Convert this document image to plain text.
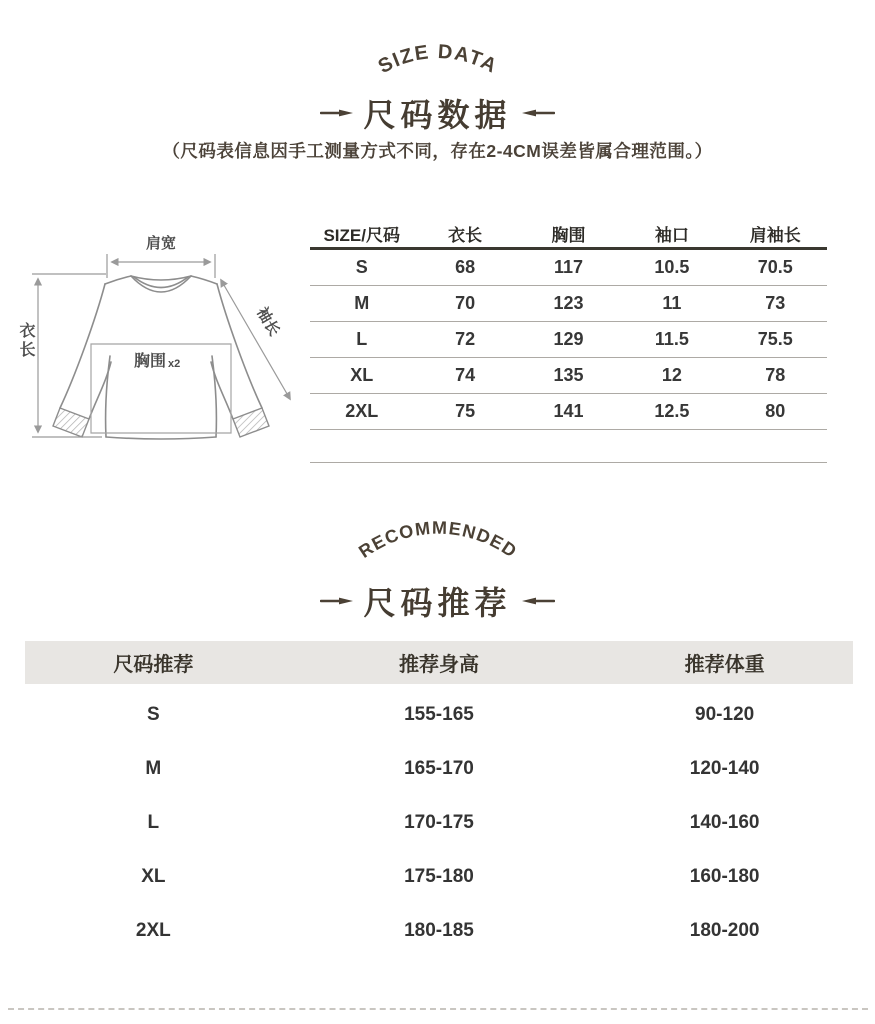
SIZE DATA
尺码数据
（尺码表信息因手工测量方式不同，存在2-4CM误差皆属合理范围。）
肩宽
袖长
胸围 x2
衣长
SIZE/尺码	衣长	胸围	袖口	肩袖长
S	68	117	10.5	70.5
M	70	123	11	73
L	72	129	11.5	75.5
XL	74	135	12	78
2XL	75	141	12.5	80
RECOMMENDED
尺码推荐
尺码推荐	推荐身高	推荐体重
S	155-165	90-120
M	165-170	120-140
L	170-175	140-160
XL	175-180	160-180
2XL	180-185	180-200
